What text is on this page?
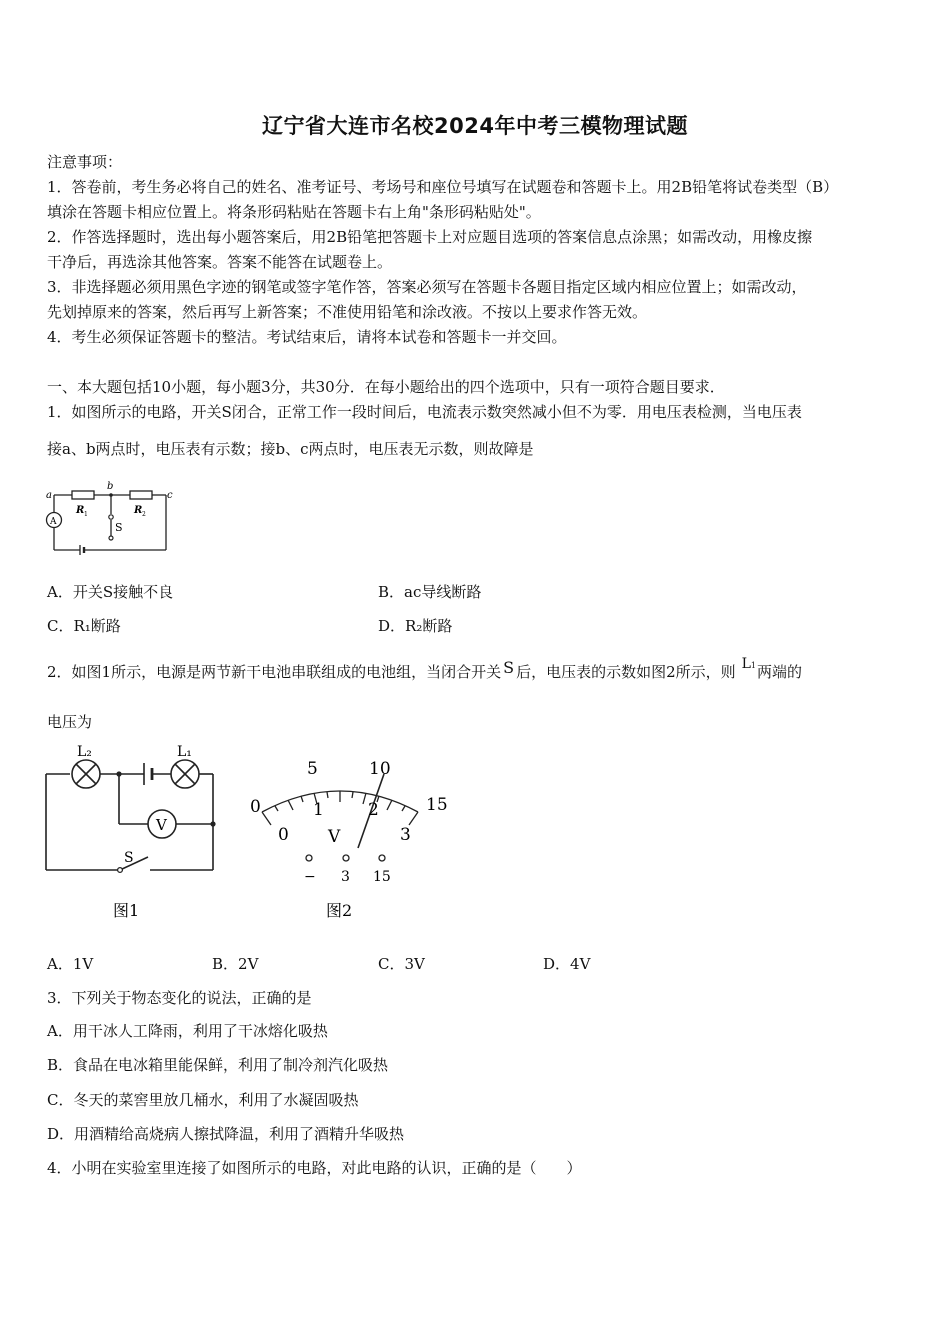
辽宁省大连市名校2024年中考三模物理试题
注意事项：
1．答卷前，考生务必将自己的姓名、准考证号、考场号和座位号填写在试题卷和答题卡上。用2B铅笔将试卷类型（B）
填涂在答题卡相应位置上。将条形码粘贴在答题卡右上角"条形码粘贴处"。
2．作答选择题时，选出每小题答案后，用2B铅笔把答题卡上对应题目选项的答案信息点涂黑；如需改动，用橡皮擦
干净后，再选涂其他答案。答案不能答在试题卷上。
3．非选择题必须用黑色字迹的钢笔或签字笔作答，答案必须写在答题卡各题目指定区域内相应位置上；如需改动，
先划掉原来的答案，然后再写上新答案；不准使用铅笔和涂改液。不按以上要求作答无效。
4．考生必须保证答题卡的整洁。考试结束后，请将本试卷和答题卡一并交回。
一、本大题包括10小题，每小题3分，共30分．在每小题给出的四个选项中，只有一项符合题目要求．
1．如图所示的电路，开关S闭合，正常工作一段时间后，电流表示数突然减小但不为零．用电压表检测，当电压表
接a、b两点时，电压表有示数；接b、c两点时，电压表无示数，则故障是
a
b
c
R 1	R 2
A	S
A．开关S接触不良	B．ac导线断路
C．R₁断路	D．R₂断路
2．如图1所示，电源是两节新干电池串联组成的电池组，当闭合开关 S 后，电压表的示数如图2所示，则 L1两端的
电压为
L₂	L₁
V
S
图1
0
5	10
15
0
1	2
3
V
− 3 15
图2
A．1V	B．2V	C．3V	D．4V
3．下列关于物态变化的说法，正确的是
A．用干冰人工降雨，利用了干冰熔化吸热
B．食品在电冰箱里能保鲜，利用了制冷剂汽化吸热
C．冬天的菜窖里放几桶水，利用了水凝固吸热
D．用酒精给高烧病人擦拭降温，利用了酒精升华吸热
4．小明在实验室里连接了如图所示的电路，对此电路的认识，正确的是（　　）
